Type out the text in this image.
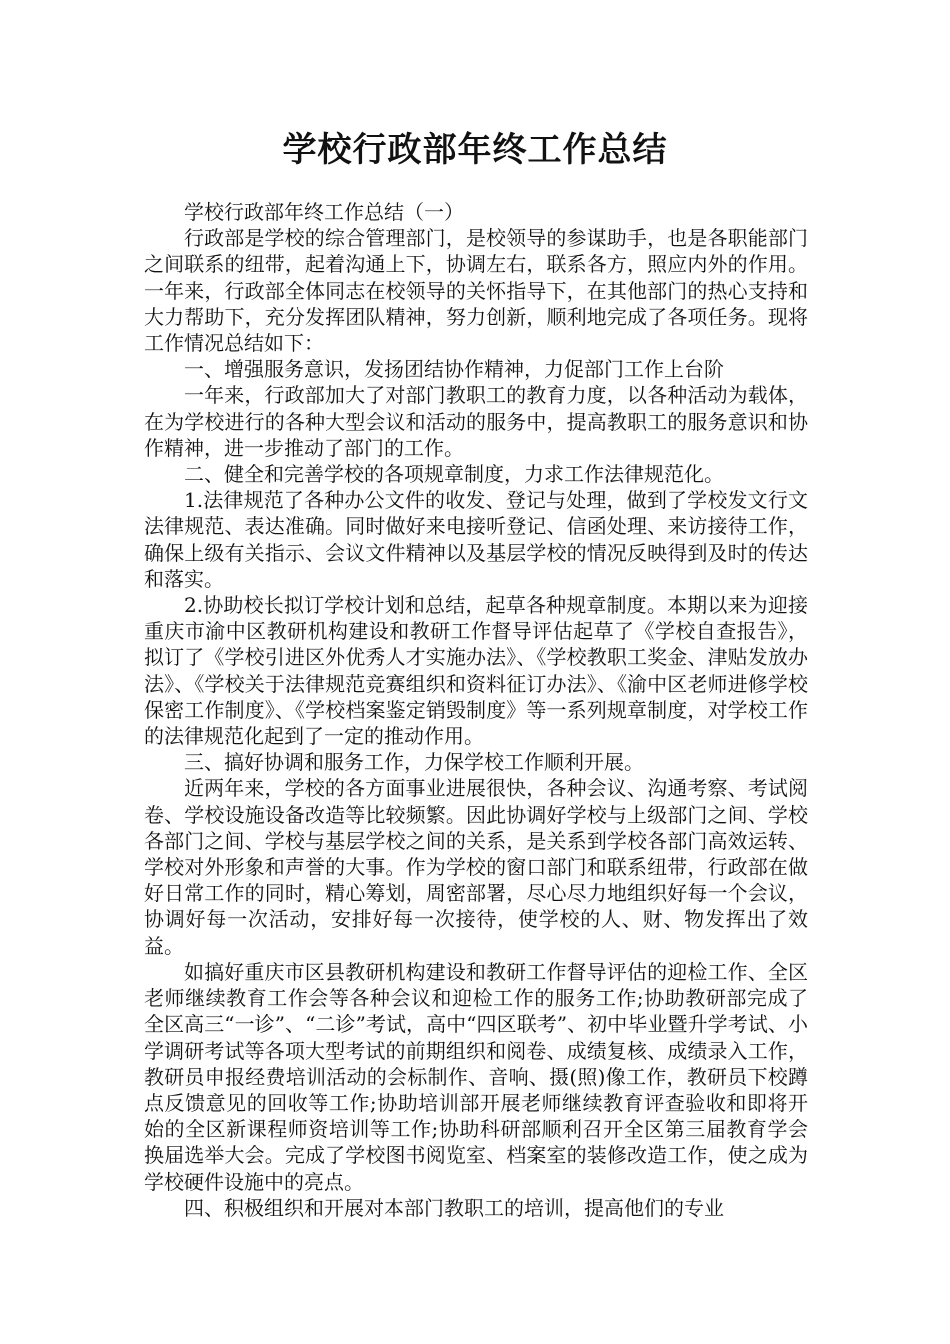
学校行政部年终工作总结

学校行政部年终工作总结（一）

行政部是学校的综合管理部门，是校领导的参谋助手，也是各职能部门之间联系的纽带，起着沟通上下，协调左右，联系各方，照应内外的作用。一年来，行政部全体同志在校领导的关怀指导下，在其他部门的热心支持和大力帮助下，充分发挥团队精神，努力创新，顺利地完成了各项任务。现将工作情况总结如下：

一、增强服务意识，发扬团结协作精神，力促部门工作上台阶

一年来，行政部加大了对部门教职工的教育力度，以各种活动为载体，在为学校进行的各种大型会议和活动的服务中，提高教职工的服务意识和协作精神，进一步推动了部门的工作。

二、健全和完善学校的各项规章制度，力求工作法律规范化。

1.法律规范了各种办公文件的收发、登记与处理，做到了学校发文行文法律规范、表达准确。同时做好来电接听登记、信函处理、来访接待工作，确保上级有关指示、会议文件精神以及基层学校的情况反映得到及时的传达和落实。

2.协助校长拟订学校计划和总结，起草各种规章制度。本期以来为迎接重庆市渝中区教研机构建设和教研工作督导评估起草了《学校自查报告》，拟订了《学校引进区外优秀人才实施办法》、《学校教职工奖金、津贴发放办法》、《学校关于法律规范竞赛组织和资料征订办法》、《渝中区老师进修学校保密工作制度》、《学校档案鉴定销毁制度》等一系列规章制度，对学校工作的法律规范化起到了一定的推动作用。

三、搞好协调和服务工作，力保学校工作顺利开展。

近两年来，学校的各方面事业进展很快，各种会议、沟通考察、考试阅卷、学校设施设备改造等比较频繁。因此协调好学校与上级部门之间、学校各部门之间、学校与基层学校之间的关系，是关系到学校各部门高效运转、学校对外形象和声誉的大事。作为学校的窗口部门和联系纽带，行政部在做好日常工作的同时，精心筹划，周密部署，尽心尽力地组织好每一个会议，协调好每一次活动，安排好每一次接待，使学校的人、财、物发挥出了效益。

如搞好重庆市区县教研机构建设和教研工作督导评估的迎检工作、全区老师继续教育工作会等各种会议和迎检工作的服务工作;协助教研部完成了全区高三“一诊”、“二诊”考试，高中“四区联考”、初中毕业暨升学考试、小学调研考试等各项大型考试的前期组织和阅卷、成绩复核、成绩录入工作，教研员申报经费培训活动的会标制作、音响、摄(照)像工作，教研员下校蹲点反馈意见的回收等工作;协助培训部开展老师继续教育评查验收和即将开始的全区新课程师资培训等工作;协助科研部顺利召开全区第三届教育学会换届选举大会。完成了学校图书阅览室、档案室的装修改造工作，使之成为学校硬件设施中的亮点。

四、积极组织和开展对本部门教职工的培训，提高他们的专业
